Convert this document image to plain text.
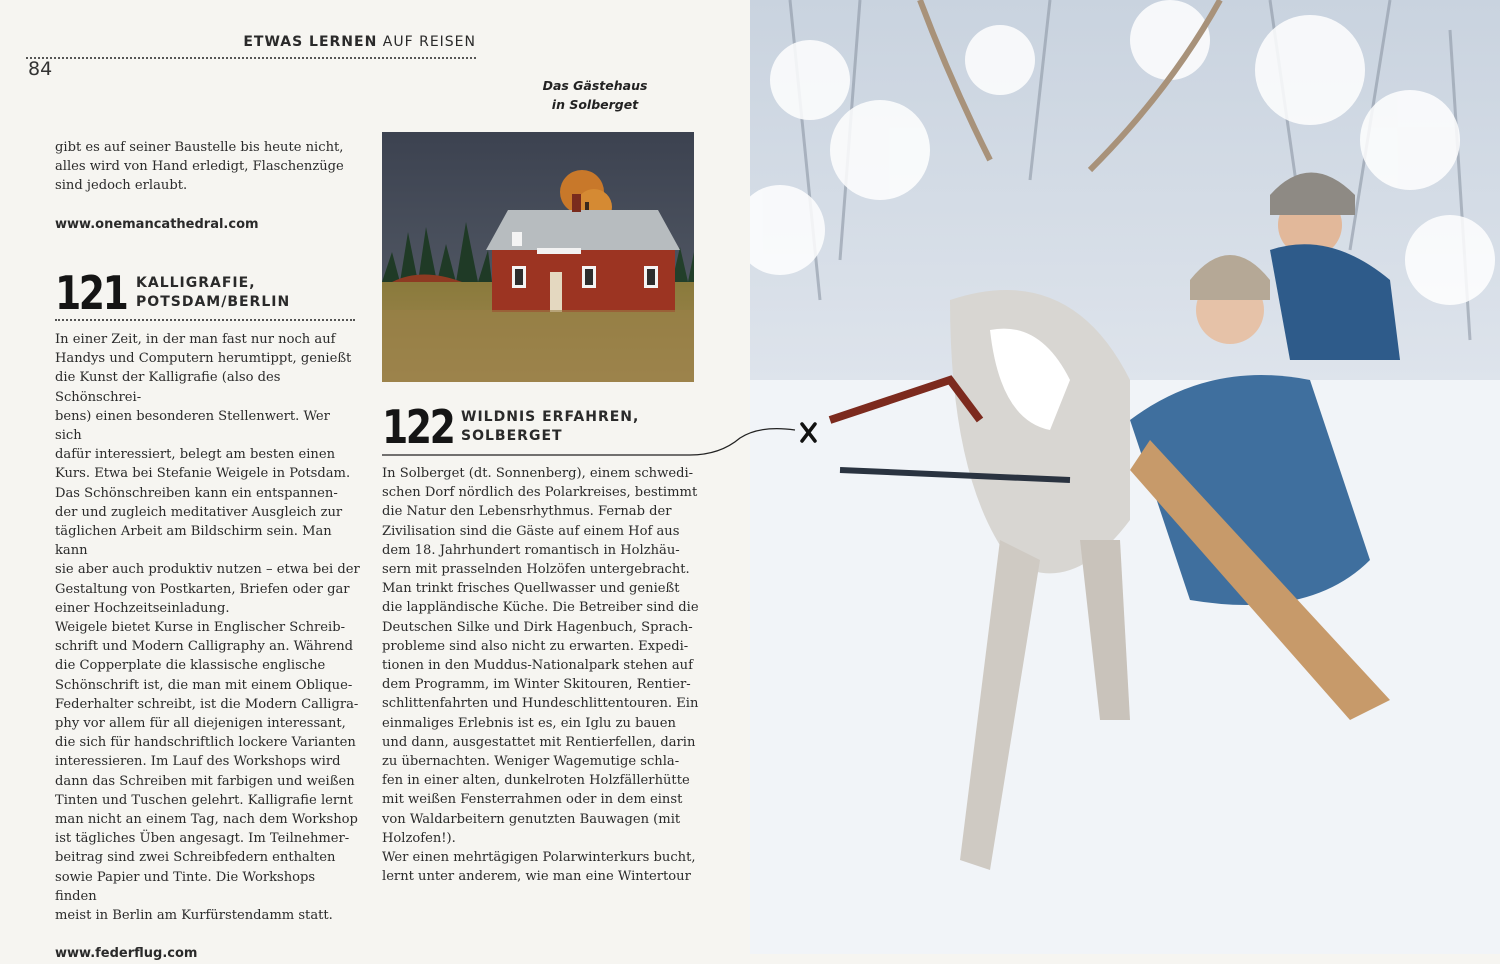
ETWAS LERNEN AUF REISEN
84

gibt es auf seiner Baustelle bis heute nicht,
alles wird von Hand erledigt, Flaschenzüge
sind jedoch erlaubt.

www.onemancathedral.com

121 KALLIGRAFIE,
POTSDAM/BERLIN

In einer Zeit, in der man fast nur noch auf
Handys und Computern herumtippt, genießt
die Kunst der Kalligrafie (also des Schönschrei-
bens) einen besonderen Stellenwert. Wer sich
dafür interessiert, belegt am besten einen
Kurs. Etwa bei Stefanie Weigele in Potsdam.
Das Schönschreiben kann ein entspannen-
der und zugleich meditativer Ausgleich zur
täglichen Arbeit am Bildschirm sein. Man kann
sie aber auch produktiv nutzen – etwa bei der
Gestaltung von Postkarten, Briefen oder gar
einer Hochzeitseinladung.
Weigele bietet Kurse in Englischer Schreib-
schrift und Modern Calligraphy an. Während
die Copperplate die klassische englische
Schönschrift ist, die man mit einem Oblique-
Federhalter schreibt, ist die Modern Calligra-
phy vor allem für all diejenigen interessant,
die sich für handschriftlich lockere Varianten
interessieren. Im Lauf des Workshops wird
dann das Schreiben mit farbigen und weißen
Tinten und Tuschen gelehrt. Kalligrafie lernt
man nicht an einem Tag, nach dem Workshop
ist tägliches Üben angesagt. Im Teilnehmer-
beitrag sind zwei Schreibfedern enthalten
sowie Papier und Tinte. Die Workshops finden
meist in Berlin am Kurfürstendamm statt.

www.federflug.com

Das Gästehaus
in Solberget
122 WILDNIS ERFAHREN,
SOLBERGET

In Solberget (dt. Sonnenberg), einem schwedi-
schen Dorf nördlich des Polarkreises, bestimmt
die Natur den Lebensrhythmus. Fernab der
Zivilisation sind die Gäste auf einem Hof aus
dem 18. Jahrhundert romantisch in Holzhäu-
sern mit prasselnden Holzöfen untergebracht.
Man trinkt frisches Quellwasser und genießt
die lappländische Küche. Die Betreiber sind die
Deutschen Silke und Dirk Hagenbuch, Sprach-
probleme sind also nicht zu erwarten. Expedi-
tionen in den Muddus-Nationalpark stehen auf
dem Programm, im Winter Skitouren, Rentier-
schlittenfahrten und Hundeschlittentouren. Ein
einmaliges Erlebnis ist es, ein Iglu zu bauen
und dann, ausgestattet mit Rentierfellen, darin
zu übernachten. Weniger Wagemutige schla-
fen in einer alten, dunkelroten Holzfällerhütte
mit weißen Fensterrahmen oder in dem einst
von Waldarbeitern genutzten Bauwagen (mit
Holzofen!).
Wer einen mehrtägigen Polarwinterkurs bucht,
lernt unter anderem, wie man eine Wintertour
